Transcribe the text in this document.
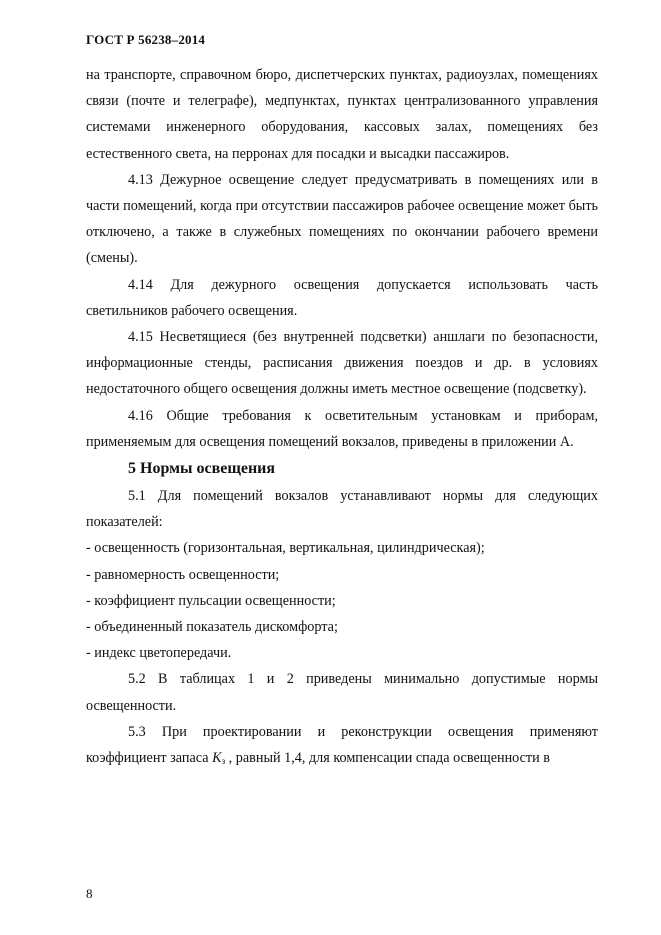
ГОСТ Р 56238–2014

на транспорте, справочном бюро, диспетчерских пунктах, радиоузлах, помещениях связи (почте и телеграфе), медпунктах, пунктах централизованного управления системами инженерного оборудования, кассовых залах, помещениях без естественного света, на перронах для посадки и высадки пассажиров.

4.13 Дежурное освещение следует предусматривать в помещениях или в части помещений, когда при отсутствии пассажиров рабочее освещение может быть отключено, а также в служебных помещениях по окончании рабочего времени (смены).

4.14 Для дежурного освещения допускается использовать часть светильников рабочего освещения.

4.15 Несветящиеся (без внутренней подсветки) аншлаги по безопасности, информационные стенды, расписания движения поездов и др. в условиях недостаточного общего освещения должны иметь местное освещение (подсветку).

4.16 Общие требования к осветительным установкам и приборам, применяемым для освещения помещений вокзалов, приведены в приложении А.

5 Нормы освещения

5.1 Для помещений вокзалов устанавливают нормы для следующих показателей:

- освещенность (горизонтальная, вертикальная, цилиндрическая);

- равномерность освещенности;

- коэффициент пульсации освещенности;

- объединенный показатель дискомфорта;

- индекс цветопередачи.

5.2 В таблицах 1 и 2 приведены минимально допустимые нормы освещенности.

5.3 При проектировании и реконструкции освещения применяют коэффициент запаса $K_з$ , равный 1,4, для компенсации спада освещенности в

8
